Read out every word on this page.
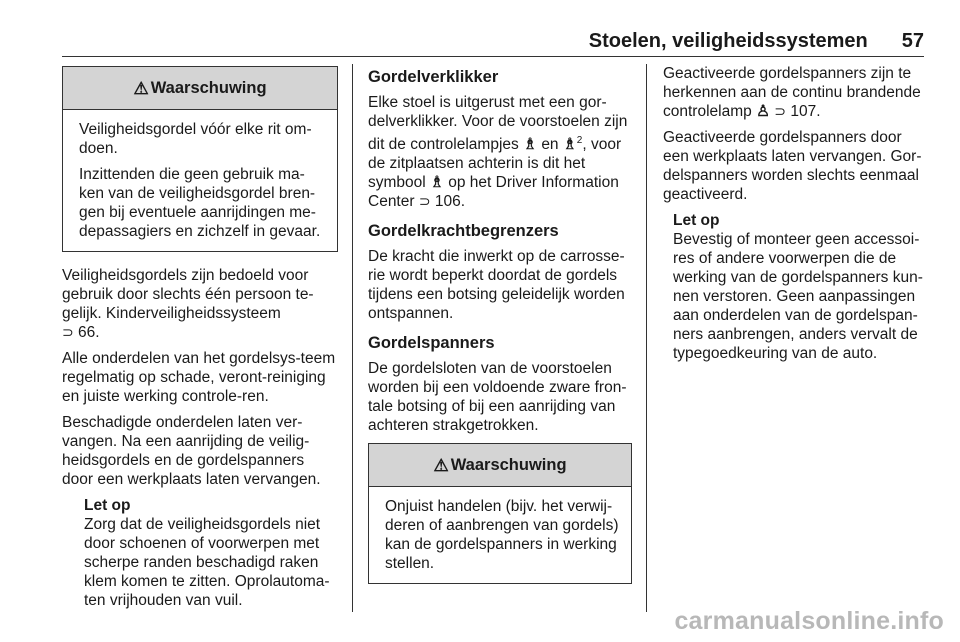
Stoelen, veiligheidssystemen 57
⚠ Waarschuwing

Veiligheidsgordel vóór elke rit om-doen.

Inzittenden die geen gebruik ma-ken van de veiligheidsgordel bren-gen bij eventuele aanrijdingen me-depassagiers en zichzelf in gevaar.

Veiligheidsgordels zijn bedoeld voor gebruik door slechts één persoon te-gelijk. Kinderveiligheidssysteem
⊃ 66.

Alle onderdelen van het gordelsys-teem regelmatig op schade, veront-reiniging en juiste werking controle-ren.

Beschadigde onderdelen laten ver-vangen. Na een aanrijding de veilig-heidsgordels en de gordelspanners door een werkplaats laten vervangen.

Let op
Zorg dat de veiligheidsgordels niet door schoenen of voorwerpen met scherpe randen beschadigd raken klem komen te zitten. Oprolautoma-ten vrijhouden van vuil.
Gordelverklikker

Elke stoel is uitgerust met een gor-delverklikker. Voor de voorstoelen zijn dit de controlelampjes ♗ en ♗$^2$, voor de zitplaatsen achterin is dit het symbool ♗ op het Driver Information Center ⊃ 106.

Gordelkrachtbegrenzers

De kracht die inwerkt op de carrosse-rie wordt beperkt doordat de gordels tijdens een botsing geleidelijk worden ontspannen.

Gordelspanners

De gordelsloten van de voorstoelen worden bij een voldoende zware fron-tale botsing of bij een aanrijding van achteren strakgetrokken.

⚠ Waarschuwing

Onjuist handelen (bijv. het verwij-deren of aanbrengen van gordels) kan de gordelspanners in werking stellen.

Geactiveerde gordelspanners zijn te herkennen aan de continu brandende controlelamp ♙ ⊃ 107.

Geactiveerde gordelspanners door een werkplaats laten vervangen. Gor-delspanners worden slechts eenmaal geactiveerd.

Let op
Bevestig of monteer geen accessoi-res of andere voorwerpen die de werking van de gordelspanners kun-nen verstoren. Geen aanpassingen aan onderdelen van de gordelspan-ners aanbrengen, anders vervalt de typegoedkeuring van de auto.
carmanualsonline.info
